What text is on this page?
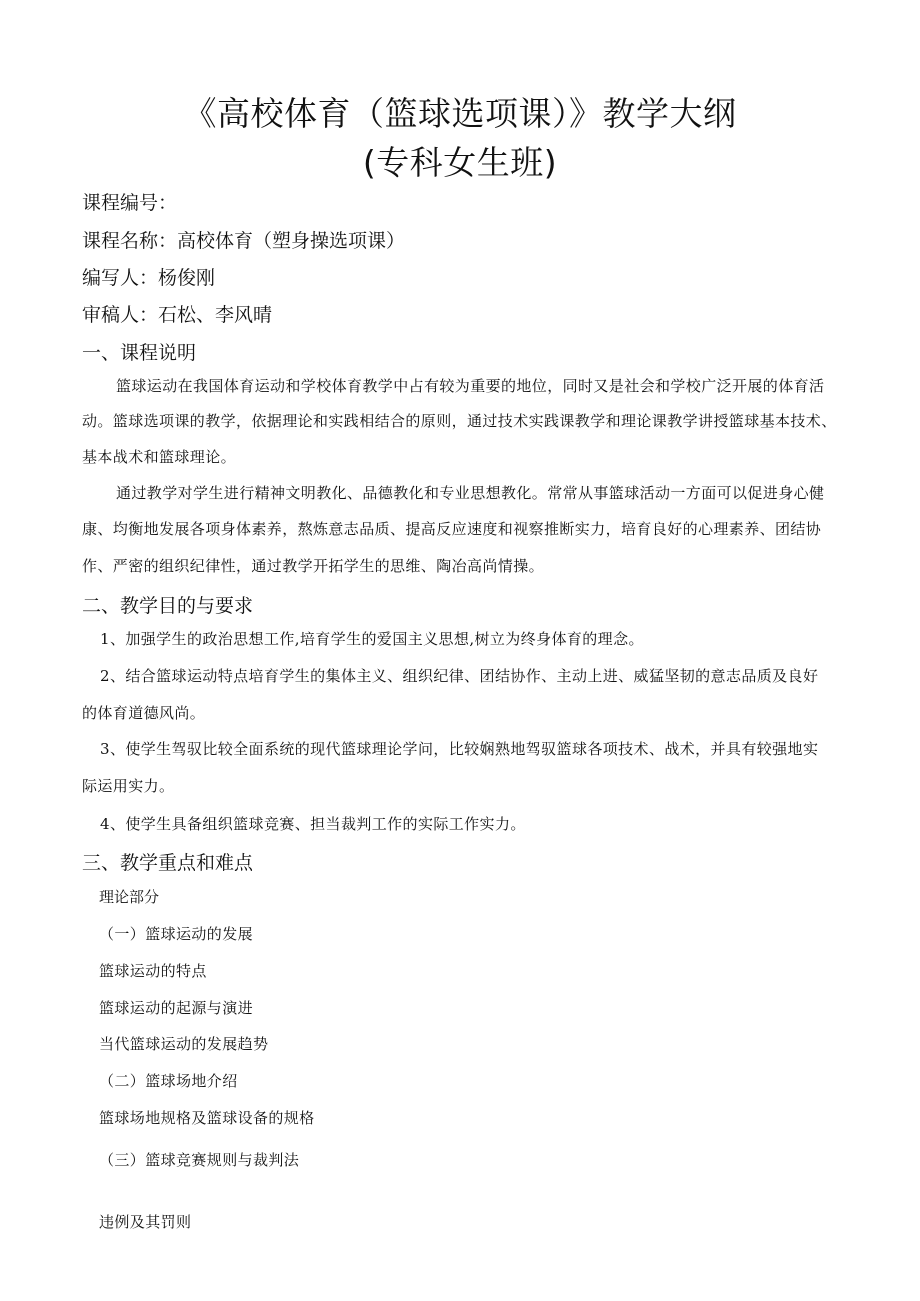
《高校体育（篮球选项课）》教学大纲
(专科女生班)
课程编号：
课程名称：高校体育（塑身操选项课）
编写人：杨俊刚
审稿人：石松、李风晴
一、课程说明
篮球运动在我国体育运动和学校体育教学中占有较为重要的地位，同时又是社会和学校广泛开展的体育活
动。篮球选项课的教学，依据理论和实践相结合的原则，通过技术实践课教学和理论课教学讲授篮球基本技术、
基本战术和篮球理论。
通过教学对学生进行精神文明教化、品德教化和专业思想教化。常常从事篮球活动一方面可以促进身心健
康、均衡地发展各项身体素养，熬炼意志品质、提高反应速度和视察推断实力，培育良好的心理素养、团结协
作、严密的组织纪律性，通过教学开拓学生的思维、陶冶高尚情操。
二、教学目的与要求
1、加强学生的政治思想工作,培育学生的爱国主义思想,树立为终身体育的理念。
2、结合篮球运动特点培育学生的集体主义、组织纪律、团结协作、主动上进、威猛坚韧的意志品质及良好
的体育道德风尚。
3、使学生驾驭比较全面系统的现代篮球理论学问，比较娴熟地驾驭篮球各项技术、战术，并具有较强地实
际运用实力。
4、使学生具备组织篮球竞赛、担当裁判工作的实际工作实力。
三、教学重点和难点
理论部分
（一）篮球运动的发展
篮球运动的特点
篮球运动的起源与演进
当代篮球运动的发展趋势
（二）篮球场地介绍
篮球场地规格及篮球设备的规格
（三）篮球竞赛规则与裁判法
违例及其罚则
